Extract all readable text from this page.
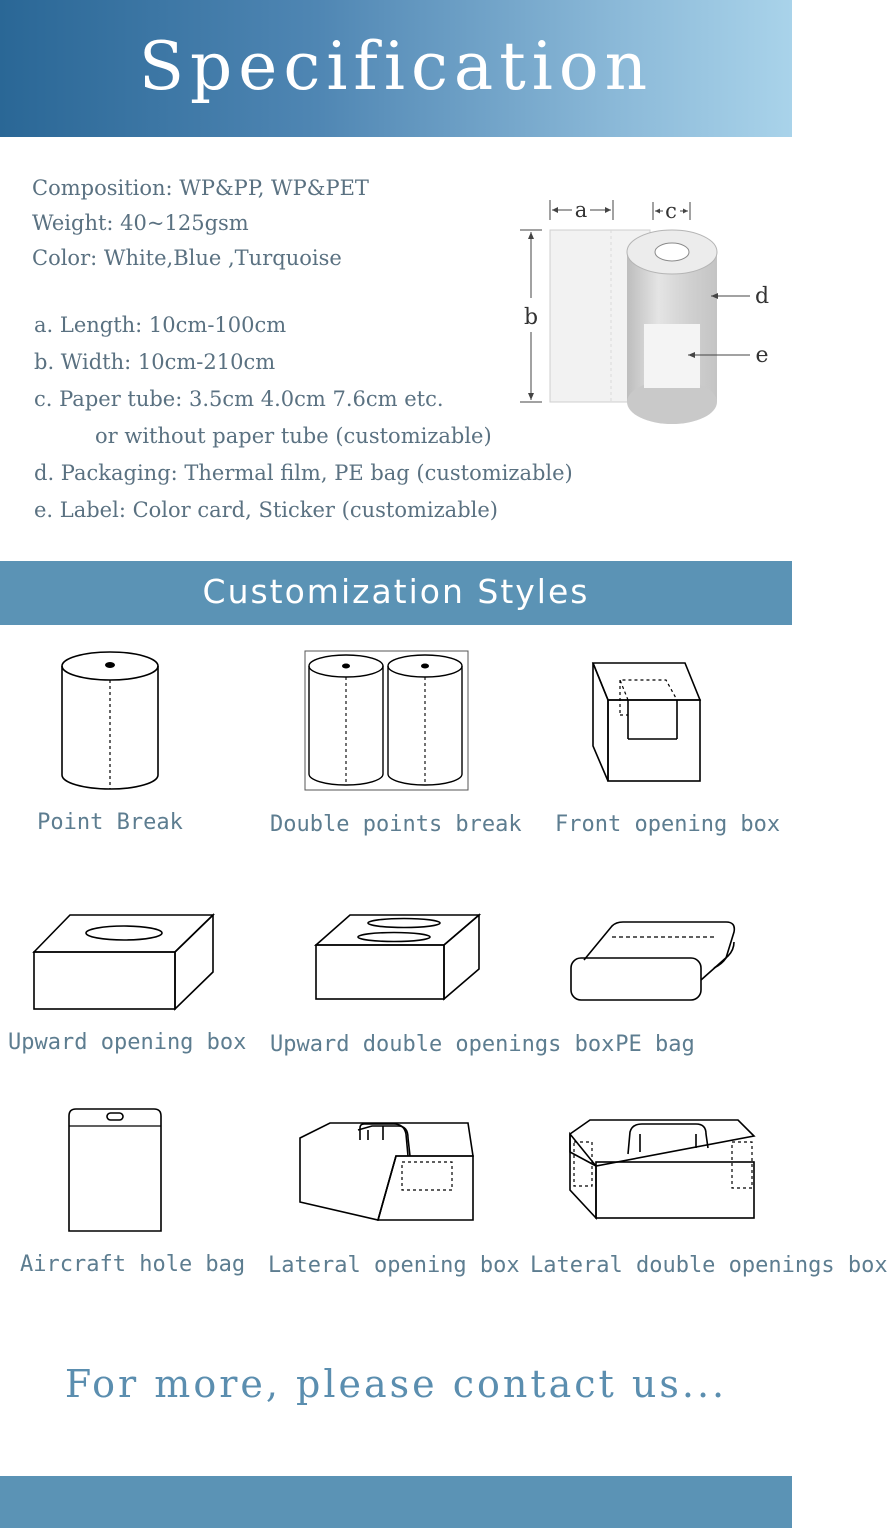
Specification
Composition: WP&PP, WP&PET
Weight: 40~125gsm
Color: White,Blue ,Turquoise
a. Length: 10cm-100cm
b. Width: 10cm-210cm
c. Paper tube: 3.5cm 4.0cm 7.6cm etc.
or without paper tube (customizable)
d. Packaging: Thermal film, PE bag (customizable)
e. Label: Color card, Sticker (customizable)
a	c
b
d
e
Customization Styles
Point Break	Double points break Front opening box
Upward opening box Upward double openings box PE bag
Aircraft hole bag Lateral opening box Lateral double openings box
For more, please contact us...
